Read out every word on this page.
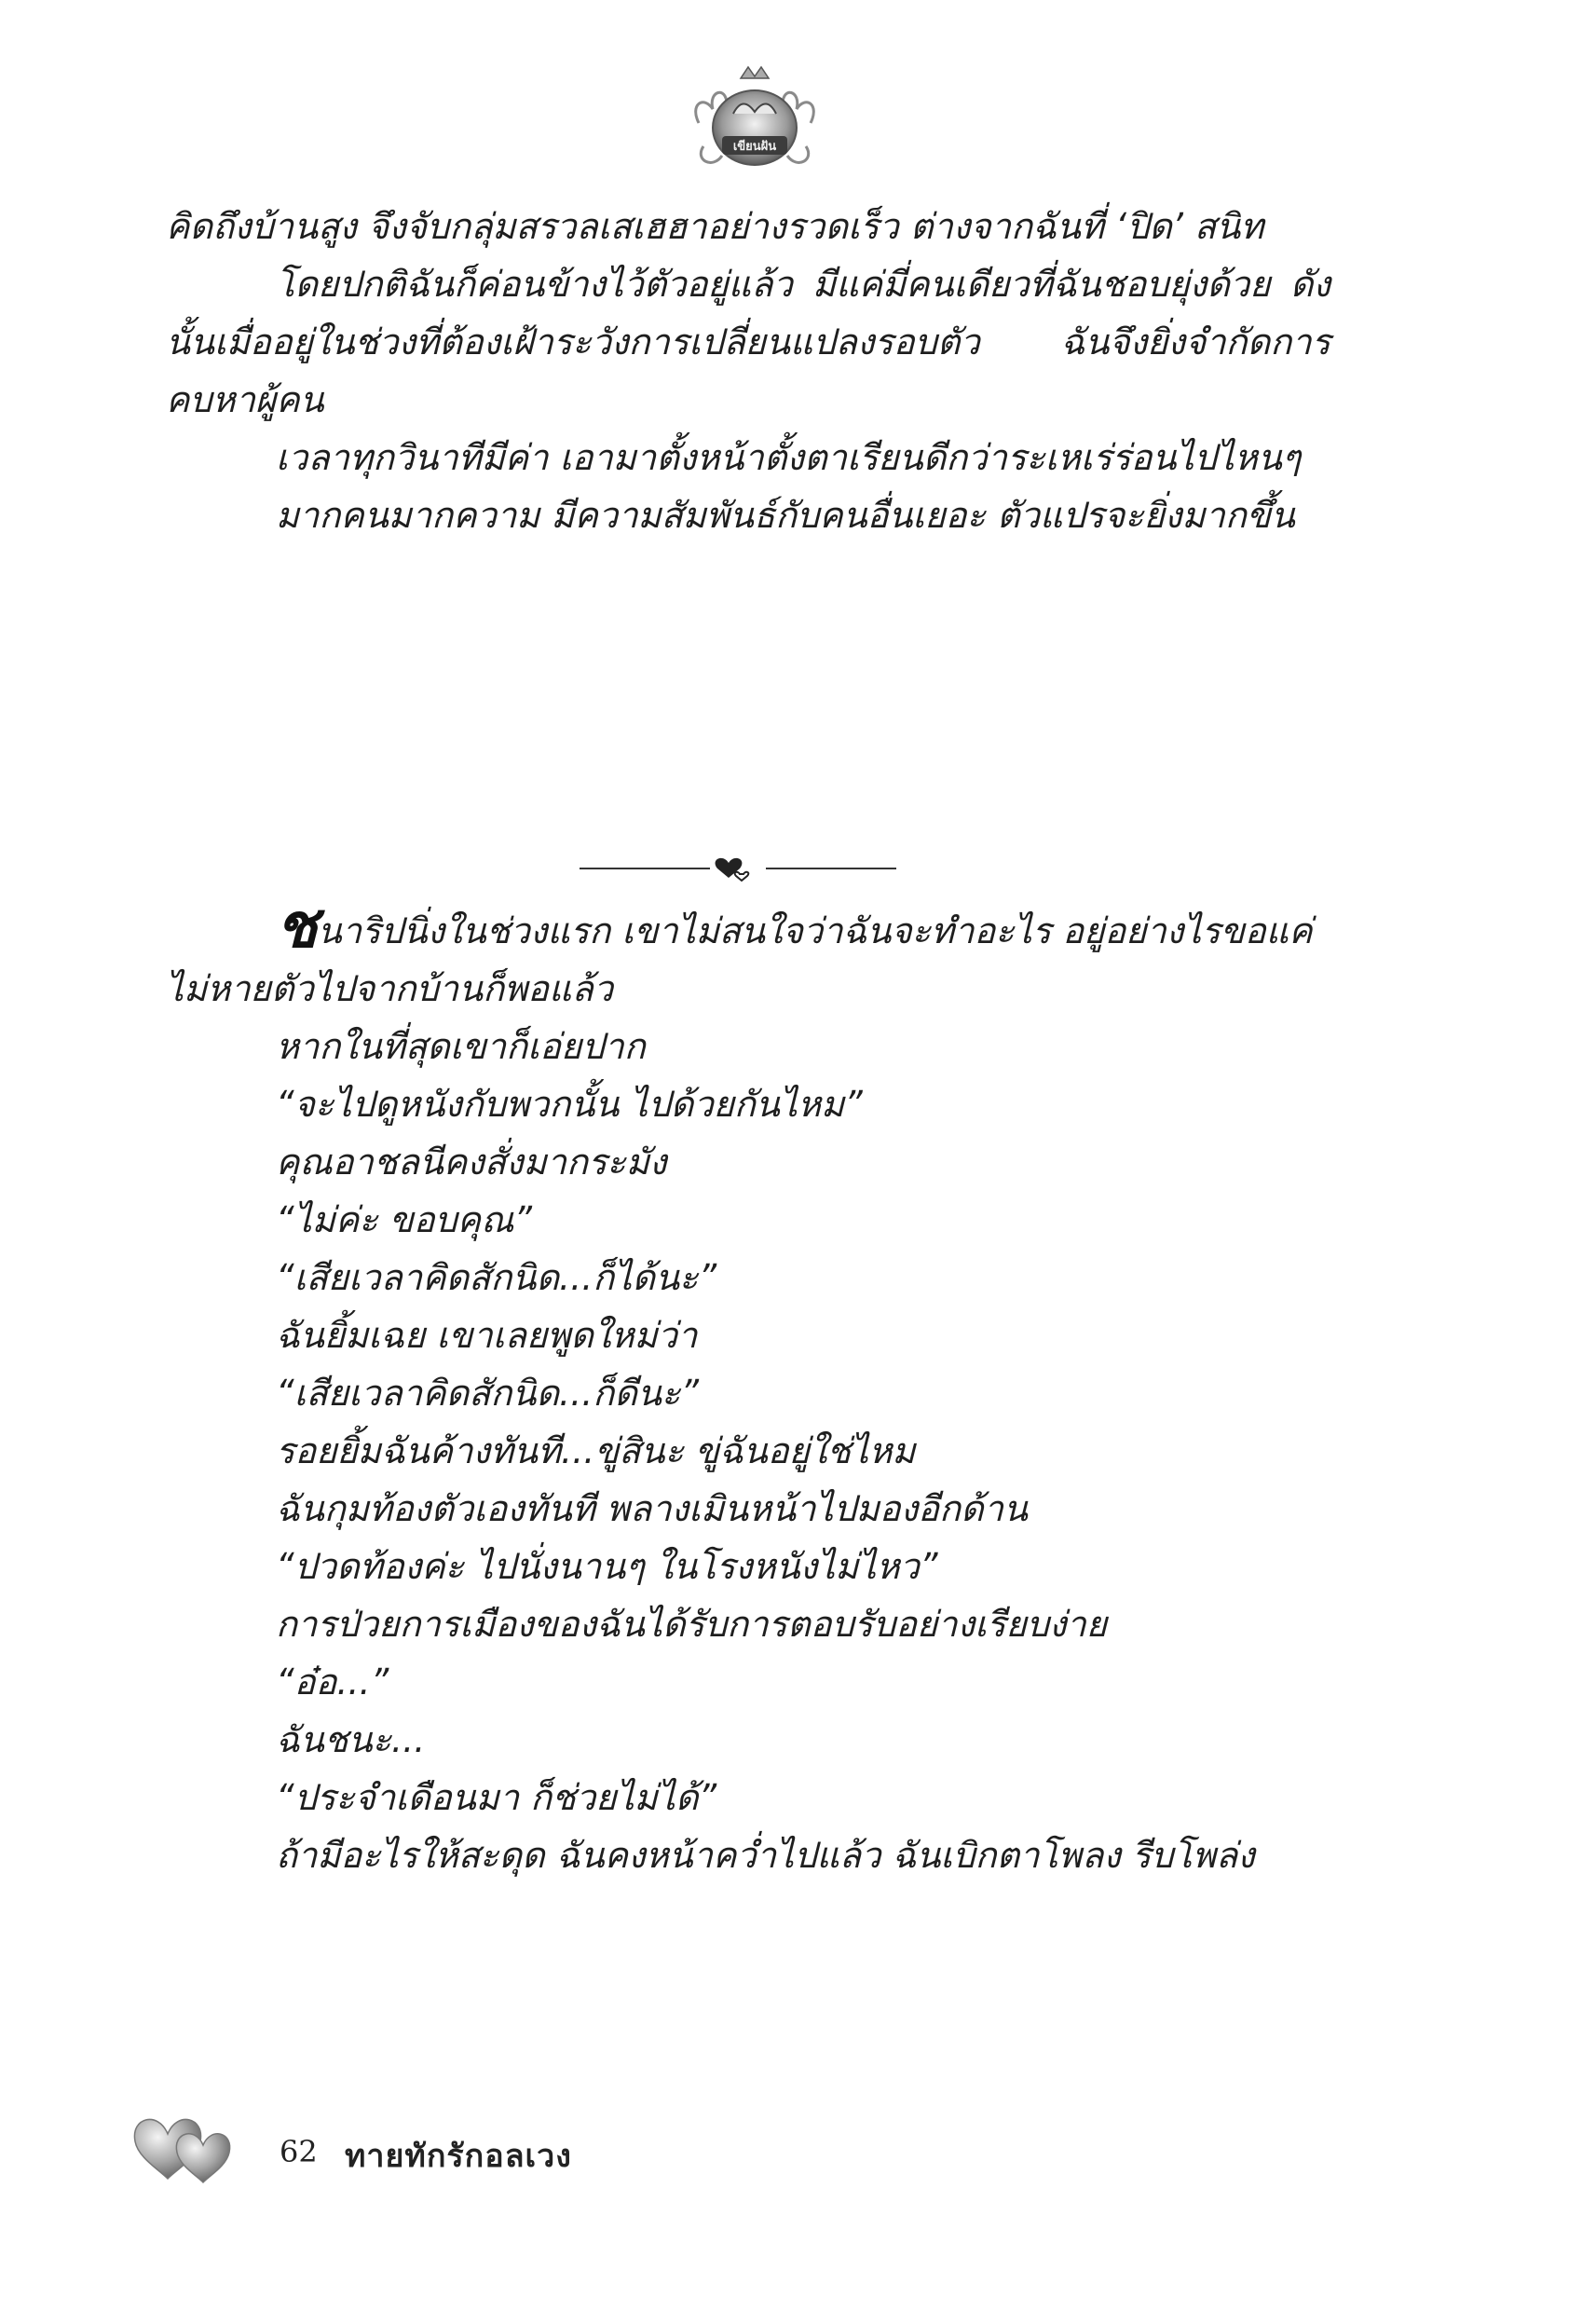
เขียนฝัน

คิดถึงบ้านสูง จึงจับกลุ่มสรวลเสเฮฮาอย่างรวดเร็ว ต่างจากฉันที่ ‘ปิด’ สนิท

โดยปกติฉันก็ค่อนข้างไว้ตัวอยู่แล้ว มีแค่มี่คนเดียวที่ฉันชอบยุ่งด้วย ดังนั้นเมื่ออยู่ในช่วงที่ต้องเฝ้าระวังการเปลี่ยนแปลงรอบตัว ฉันจึงยิ่งจำกัดการคบหาผู้คน

เวลาทุกวินาทีมีค่า เอามาตั้งหน้าตั้งตาเรียนดีกว่าระเหเร่ร่อนไปไหนๆ

มากคนมากความ มีความสัมพันธ์กับคนอื่นเยอะ ตัวแปรจะยิ่งมากขึ้น

ชนาริปนิ่งในช่วงแรก เขาไม่สนใจว่าฉันจะทำอะไร อยู่อย่างไรขอแค่ไม่หายตัวไปจากบ้านก็พอแล้ว

หากในที่สุดเขาก็เอ่ยปาก

“จะไปดูหนังกับพวกนั้น ไปด้วยกันไหม”

คุณอาชลนีคงสั่งมากระมัง

“ไม่ค่ะ ขอบคุณ”

“เสียเวลาคิดสักนิด...ก็ได้นะ”

ฉันยิ้มเฉย เขาเลยพูดใหม่ว่า

“เสียเวลาคิดสักนิด...ก็ดีนะ”

รอยยิ้มฉันค้างทันที...ขู่สินะ ขู่ฉันอยู่ใช่ไหม

ฉันกุมท้องตัวเองทันที พลางเมินหน้าไปมองอีกด้าน

“ปวดท้องค่ะ ไปนั่งนานๆ ในโรงหนังไม่ไหว”

การป่วยการเมืองของฉันได้รับการตอบรับอย่างเรียบง่าย

“อ๋อ...”

ฉันชนะ...

“ประจำเดือนมา ก็ช่วยไม่ได้”

ถ้ามีอะไรให้สะดุด ฉันคงหน้าคว่ำไปแล้ว ฉันเบิกตาโพลง รีบโพล่ง

62 ทายทักรักอลเวง
